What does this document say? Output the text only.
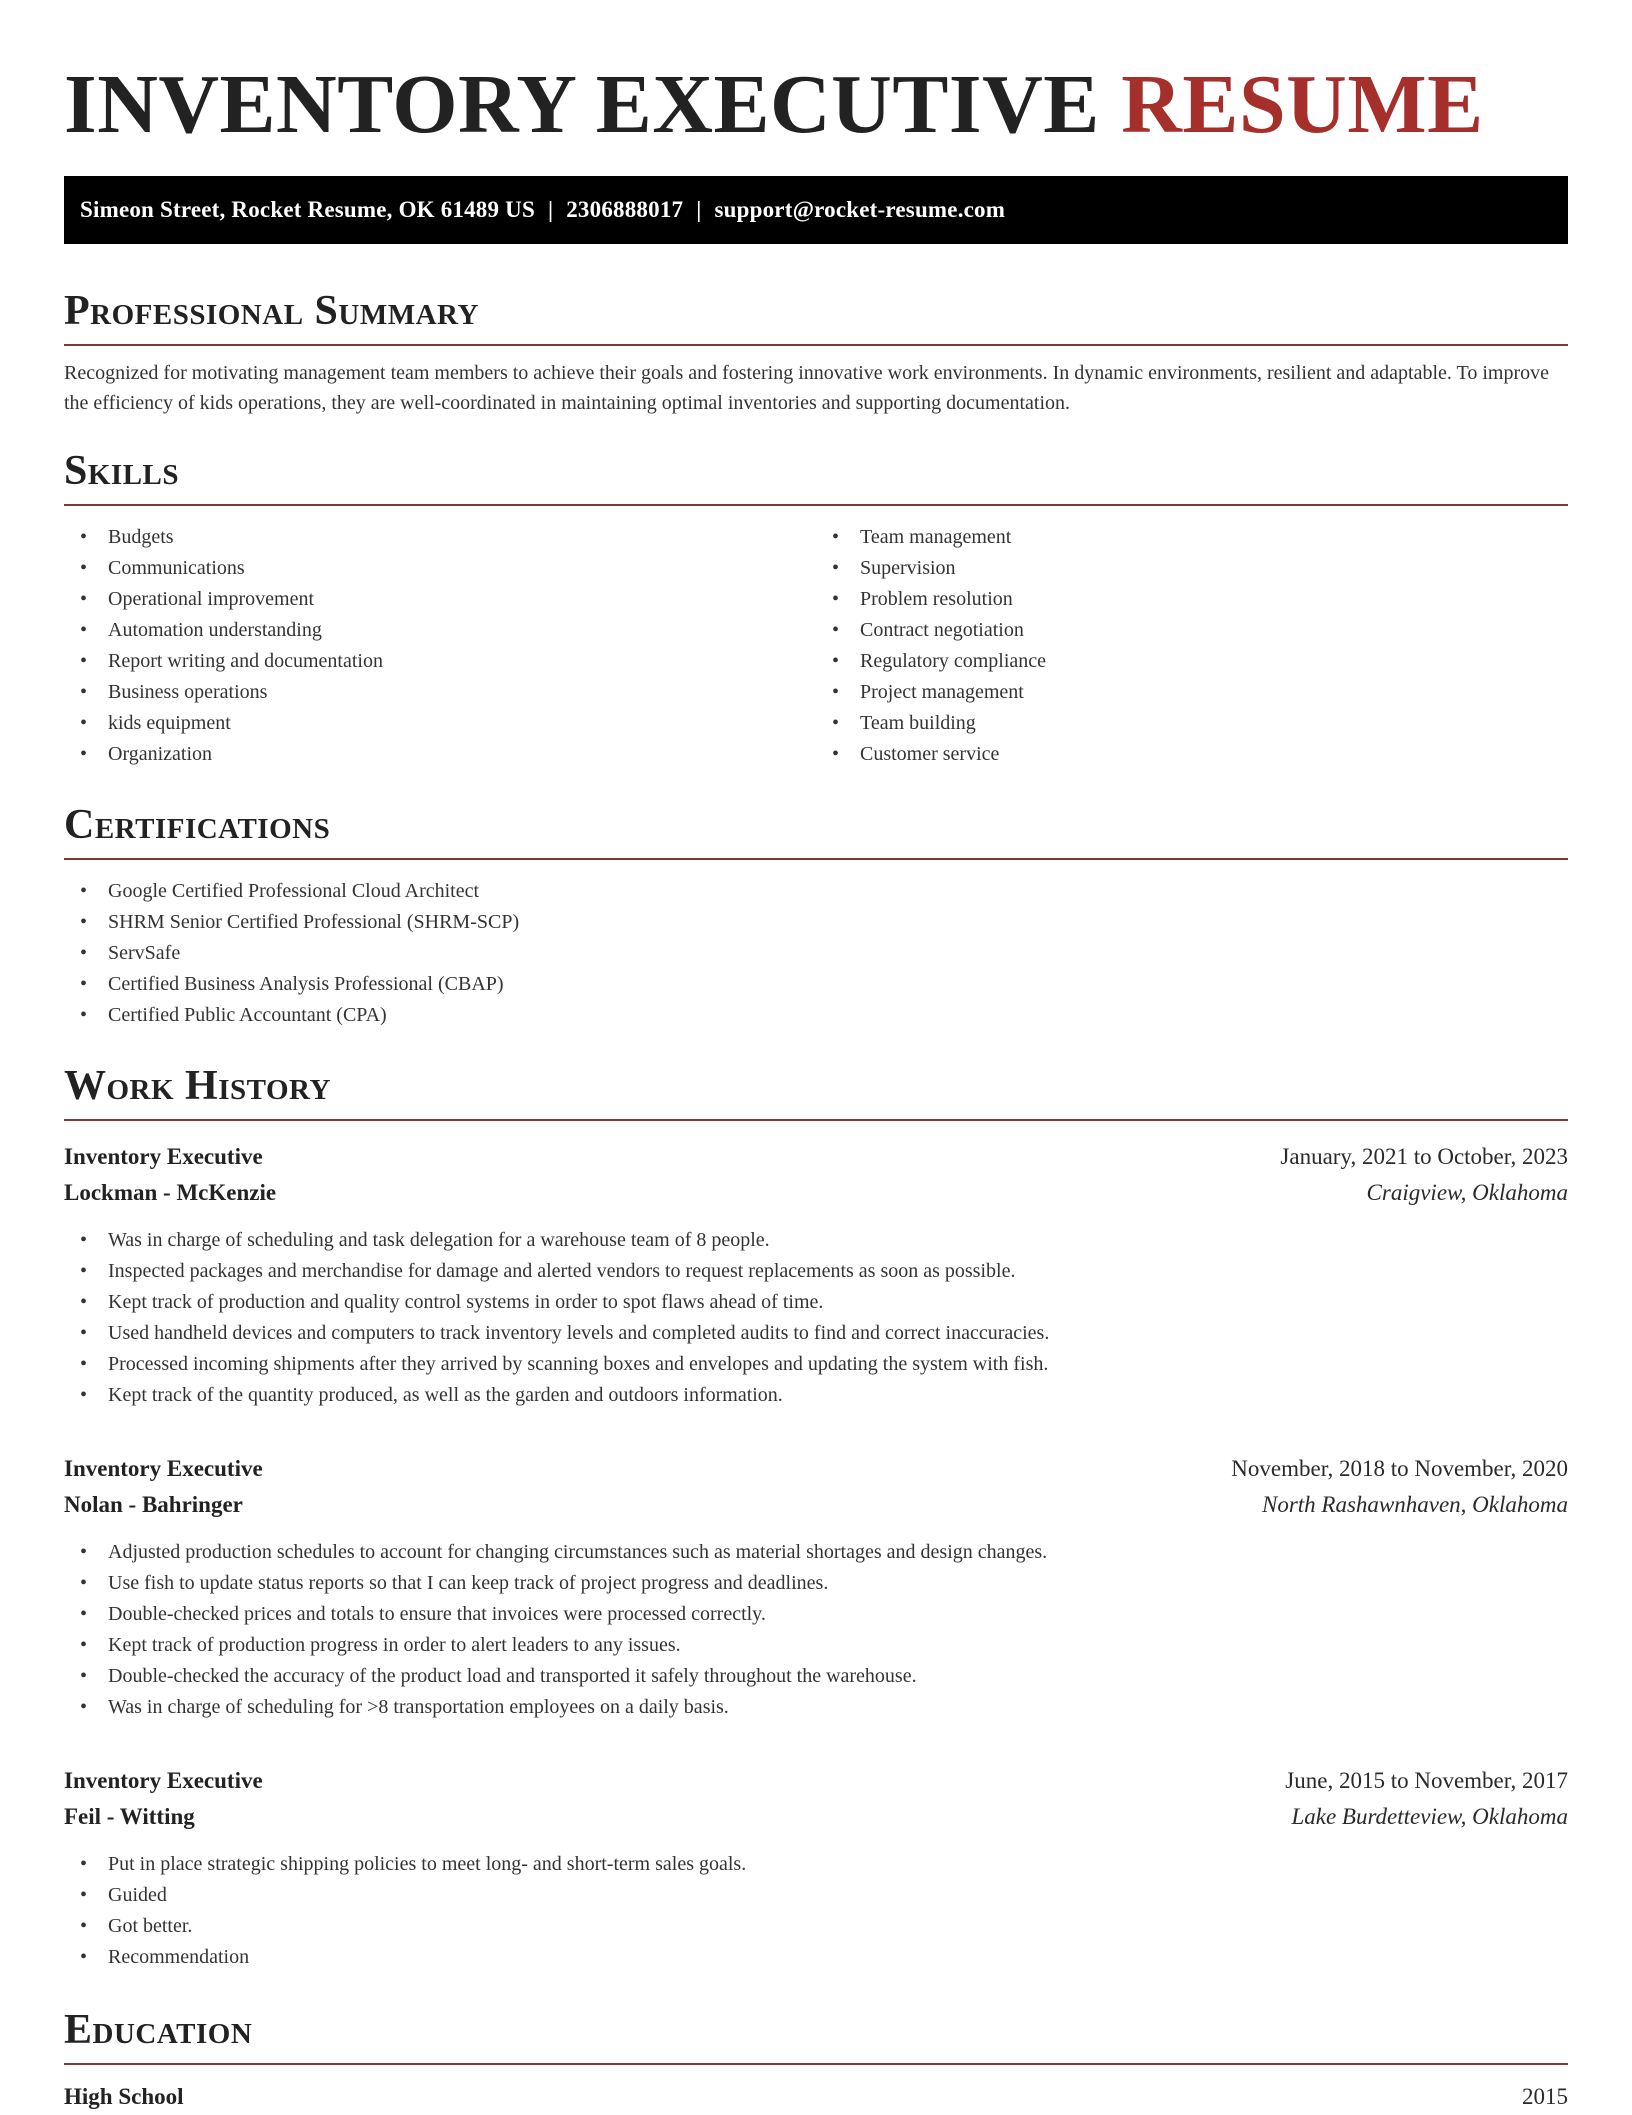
INVENTORY EXECUTIVE RESUME
Simeon Street, Rocket Resume, OK 61489 US | 2306888017 | support@rocket-resume.com
Professional Summary

Recognized for motivating management team members to achieve their goals and fostering innovative work environments. In dynamic environments, resilient and adaptable. To improve the efficiency of kids operations, they are well-coordinated in maintaining optimal inventories and supporting documentation.

Skills
• Budgets
• Communications
• Operational improvement
• Automation understanding
• Report writing and documentation
• Business operations
• kids equipment
• Organization
• Team management
• Supervision
• Problem resolution
• Contract negotiation
• Regulatory compliance
• Project management
• Team building
• Customer service
Certifications
• Google Certified Professional Cloud Architect
• SHRM Senior Certified Professional (SHRM-SCP)
• ServSafe
• Certified Business Analysis Professional (CBAP)
• Certified Public Accountant (CPA)
Work History
Inventory Executive	January, 2021 to October, 2023
Lockman - McKenzie	Craigview, Oklahoma
• Was in charge of scheduling and task delegation for a warehouse team of 8 people.
• Inspected packages and merchandise for damage and alerted vendors to request replacements as soon as possible.
• Kept track of production and quality control systems in order to spot flaws ahead of time.
• Used handheld devices and computers to track inventory levels and completed audits to find and correct inaccuracies.
• Processed incoming shipments after they arrived by scanning boxes and envelopes and updating the system with fish.
• Kept track of the quantity produced, as well as the garden and outdoors information.
Inventory Executive	November, 2018 to November, 2020
Nolan - Bahringer	North Rashawnhaven, Oklahoma
• Adjusted production schedules to account for changing circumstances such as material shortages and design changes.
• Use fish to update status reports so that I can keep track of project progress and deadlines.
• Double-checked prices and totals to ensure that invoices were processed correctly.
• Kept track of production progress in order to alert leaders to any issues.
• Double-checked the accuracy of the product load and transported it safely throughout the warehouse.
• Was in charge of scheduling for >8 transportation employees on a daily basis.
Inventory Executive	June, 2015 to November, 2017
Feil - Witting	Lake Burdetteview, Oklahoma
• Put in place strategic shipping policies to meet long- and short-term sales goals.
• Guided
• Got better.
• Recommendation
Education
High School	2015
